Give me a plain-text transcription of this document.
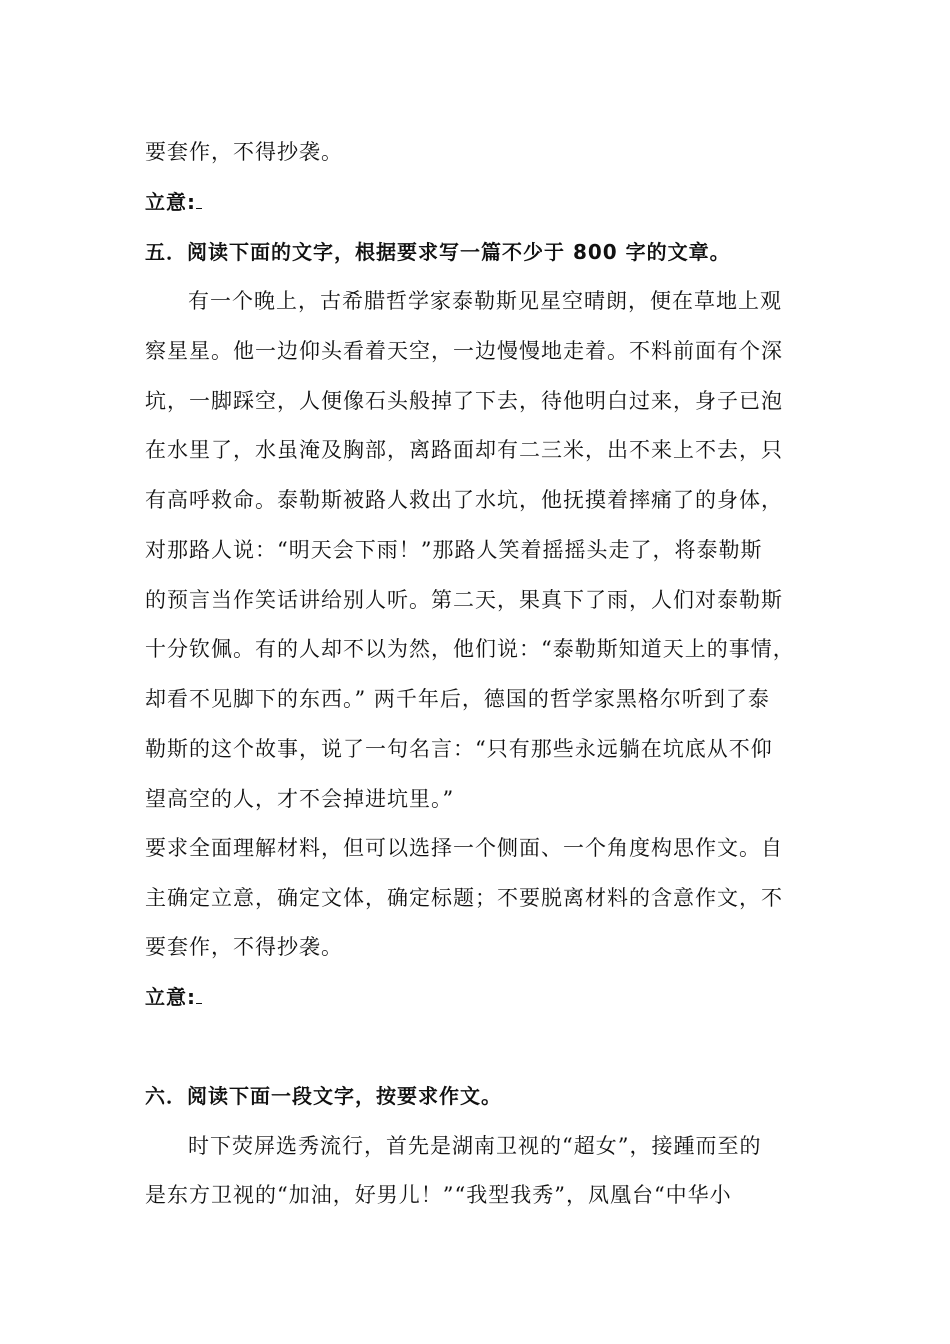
要套作，不得抄袭。
立意:
五．阅读下面的文字，根据要求写一篇不少于 800 字的文章。
有一个晚上，古希腊哲学家泰勒斯见星空晴朗，便在草地上观
察星星。他一边仰头看着天空，一边慢慢地走着。不料前面有个深
坑，一脚踩空，人便像石头般掉了下去，待他明白过来，身子已泡
在水里了，水虽淹及胸部，离路面却有二三米，出不来上不去，只
有高呼救命。泰勒斯被路人救出了水坑，他抚摸着摔痛了的身体，
对那路人说：“明天会下雨！”那路人笑着摇摇头走了，将泰勒斯
的预言当作笑话讲给别人听。第二天，果真下了雨，人们对泰勒斯
十分钦佩。有的人却不以为然，他们说：“泰勒斯知道天上的事情，
却看不见脚下的东西。” 两千年后，德国的哲学家黑格尔听到了泰
勒斯的这个故事，说了一句名言：“只有那些永远躺在坑底从不仰
望高空的人，才不会掉进坑里。”
要求全面理解材料，但可以选择一个侧面、一个角度构思作文。自
主确定立意，确定文体，确定标题；不要脱离材料的含意作文，不
要套作，不得抄袭。
立意:
六．阅读下面一段文字，按要求作文。
时下荧屏选秀流行，首先是湖南卫视的“超女”，接踵而至的
是东方卫视的“加油，好男儿！”“我型我秀”，凤凰台“中华小
